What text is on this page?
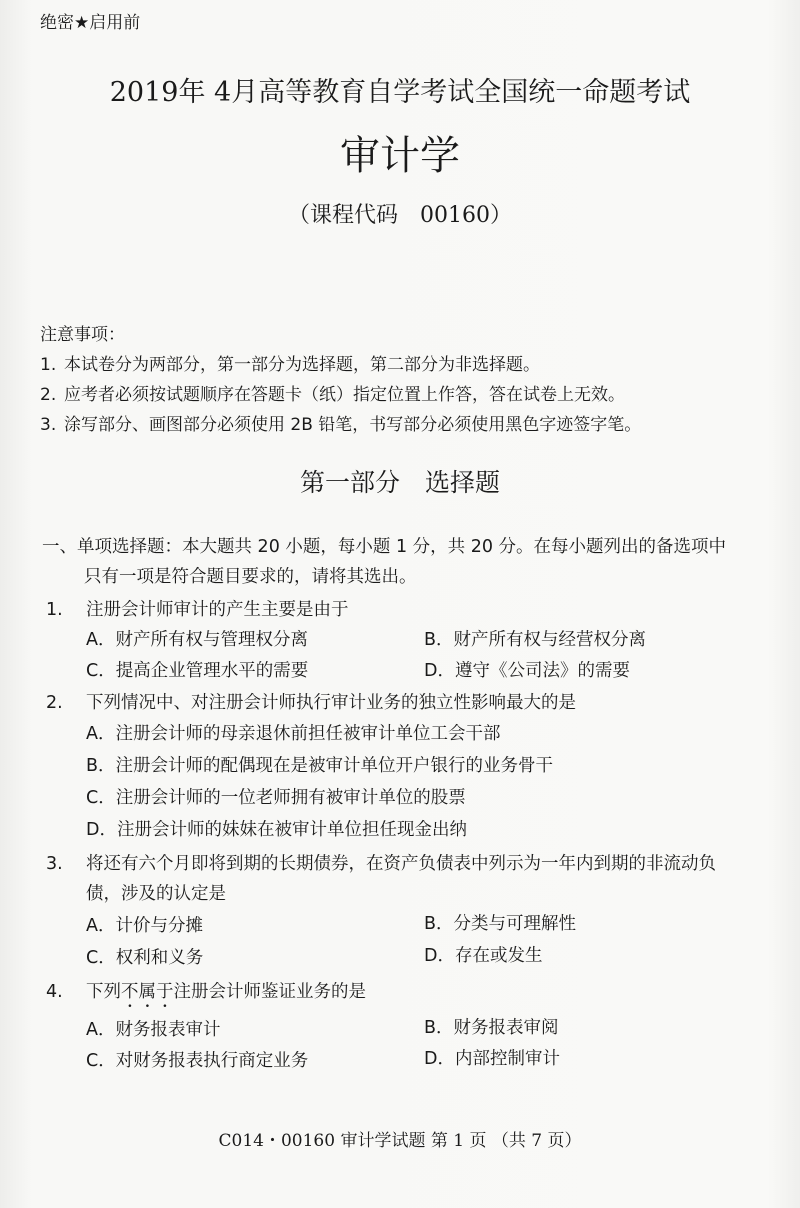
绝密★启用前
2019年 4月高等教育自学考试全国统一命题考试
审计学
（课程代码　00160）
注意事项：
1. 本试卷分为两部分，第一部分为选择题，第二部分为非选择题。
2. 应考者必须按试题顺序在答题卡（纸）指定位置上作答，答在试卷上无效。
3. 涂写部分、画图部分必须使用 2B 铅笔，书写部分必须使用黑色字迹签字笔。
第一部分　选择题
一、单项选择题：本大题共 20 小题，每小题 1 分，共 20 分。在每小题列出的备选项中
只有一项是符合题目要求的，请将其选出。
1. 注册会计师审计的产生主要是由于
A．财产所有权与管理权分离	B．财产所有权与经营权分离
C．提高企业管理水平的需要	D．遵守《公司法》的需要
2. 下列情况中、对注册会计师执行审计业务的独立性影响最大的是
A．注册会计师的母亲退休前担任被审计单位工会干部
B．注册会计师的配偶现在是被审计单位开户银行的业务骨干
C．注册会计师的一位老师拥有被审计单位的股票
D．注册会计师的妹妹在被审计单位担任现金出纳
3. 将还有六个月即将到期的长期债券，在资产负债表中列示为一年内到期的非流动负
债，涉及的认定是
A．计价与分摊	B．分类与可理解性
C．权利和义务	D．存在或发生
4. 下列不属于注册会计师鉴证业务的是
A．财务报表审计	B．财务报表审阅
C．对财务报表执行商定业务	D．内部控制审计
C014・00160 审计学试题 第 1 页 （共 7 页）
